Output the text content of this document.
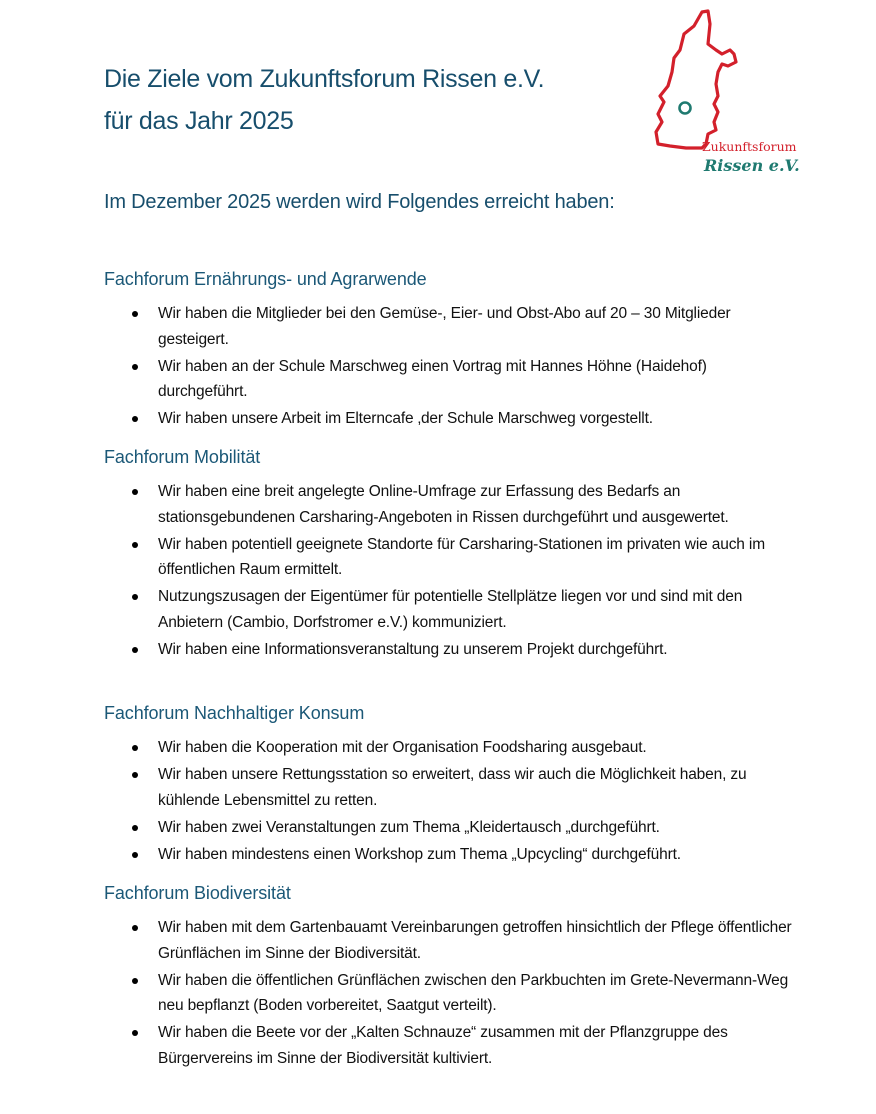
Zukunftsforum
Rissen e.V.
Die Ziele vom Zukunftsforum Rissen e.V.
für das Jahr 2025

Im Dezember 2025 werden wird Folgendes erreicht haben:

Fachforum Ernährungs- und Agrarwende
Wir haben die Mitglieder bei den Gemüse-, Eier- und Obst-Abo auf 20 – 30 Mitglieder gesteigert.
Wir haben an der Schule Marschweg einen Vortrag mit Hannes Höhne (Haidehof) durchgeführt.
Wir haben unsere Arbeit im Elterncafe ‚der Schule Marschweg vorgestellt.
Fachforum Mobilität
Wir haben eine breit angelegte Online-Umfrage zur Erfassung des Bedarfs an stationsgebundenen Carsharing-Angeboten in Rissen durchgeführt und ausgewertet.
Wir haben potentiell geeignete Standorte für Carsharing-Stationen im privaten wie auch im öffentlichen Raum ermittelt.
Nutzungszusagen der Eigentümer für potentielle Stellplätze liegen vor und sind mit den Anbietern (Cambio, Dorfstromer e.V.) kommuniziert.
Wir haben eine Informationsveranstaltung zu unserem Projekt durchgeführt.
Fachforum Nachhaltiger Konsum
Wir haben die Kooperation mit der Organisation Foodsharing ausgebaut.
Wir haben unsere Rettungsstation so erweitert, dass wir auch die Möglichkeit haben, zu kühlende Lebensmittel zu retten.
Wir haben zwei Veranstaltungen zum Thema „Kleidertausch „durchgeführt.
Wir haben mindestens einen Workshop zum Thema „Upcycling“ durchgeführt.
Fachforum Biodiversität
Wir haben mit dem Gartenbauamt Vereinbarungen getroffen hinsichtlich der Pflege öffentlicher Grünflächen im Sinne der Biodiversität.
Wir haben die öffentlichen Grünflächen zwischen den Parkbuchten im Grete-Nevermann-Weg neu bepflanzt (Boden vorbereitet, Saatgut verteilt).
Wir haben die Beete vor der „Kalten Schnauze“ zusammen mit der Pflanzgruppe des Bürgervereins im Sinne der Biodiversität kultiviert.
